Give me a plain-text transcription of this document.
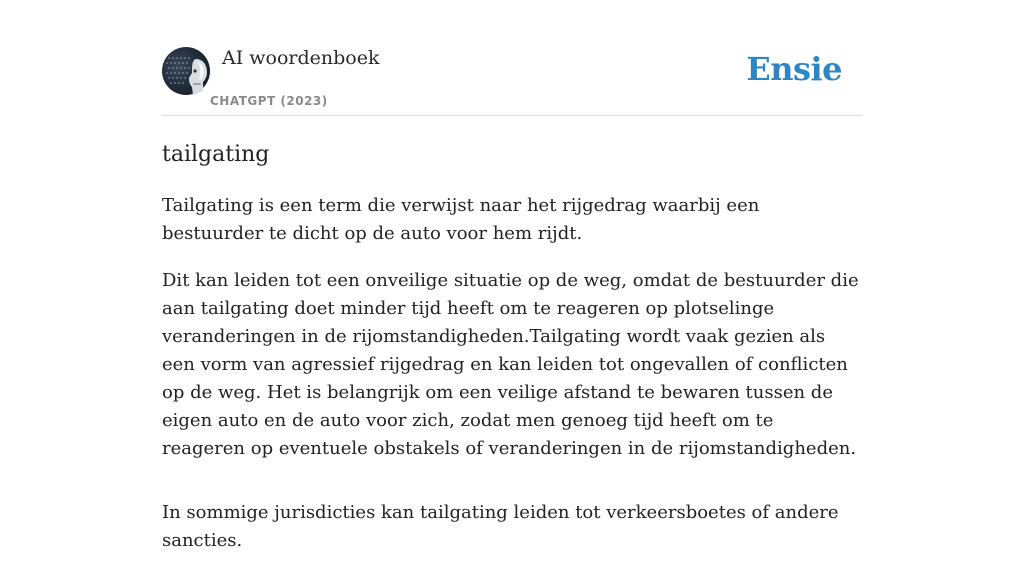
AI woordenboek
CHATGPT (2023)
Ensie
tailgating

Tailgating is een term die verwijst naar het rijgedrag waarbij een bestuurder te dicht op de auto voor hem rijdt.

Dit kan leiden tot een onveilige situatie op de weg, omdat de bestuurder die aan tailgating doet minder tijd heeft om te reageren op plotselinge veranderingen in de rijomstandigheden.Tailgating wordt vaak gezien als een vorm van agressief rijgedrag en kan leiden tot ongevallen of conflicten op de weg. Het is belangrijk om een veilige afstand te bewaren tussen de eigen auto en de auto voor zich, zodat men genoeg tijd heeft om te reageren op eventuele obstakels of veranderingen in de rijomstandigheden.

In sommige jurisdicties kan tailgating leiden tot verkeersboetes of andere sancties.
